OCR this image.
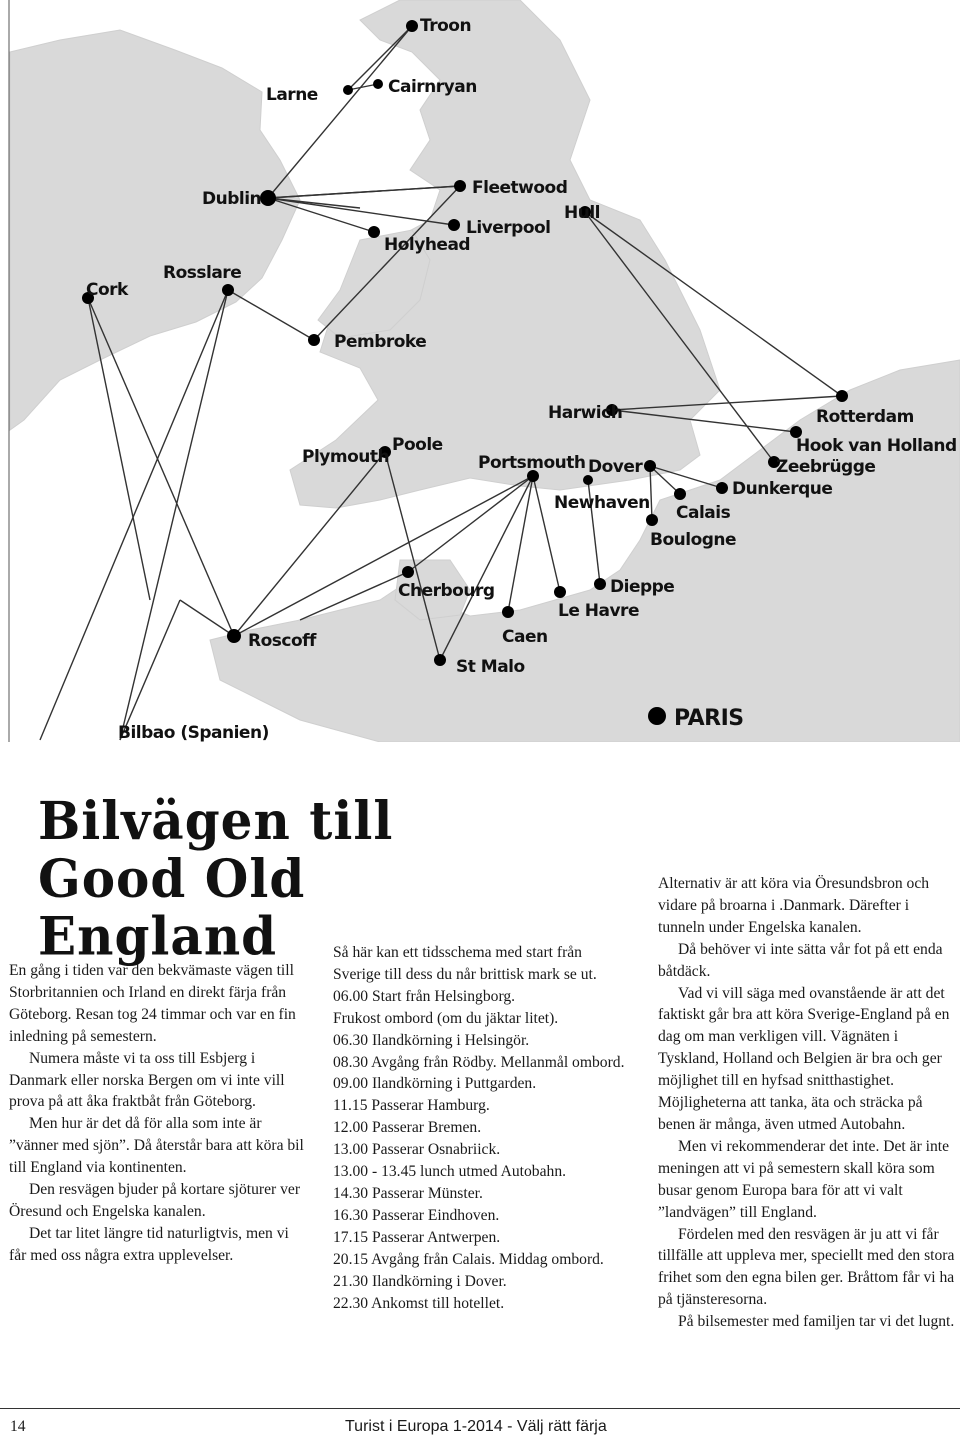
Troon
Larne	Cairnryan
Dublin
Fleetwood
Hull
Liverpool
Holyhead
Rosslare
Cork
Pembroke
Harwich	Rotterdam
Hook van Holland
Zeebrügge
Dunkerque
Plymouth
Poole
Portsmouth Dover
Newhaven Calais
Boulogne
Cherbourg	Dieppe
Le Havre
Caen
Roscoff
St Malo
Bilbao (Spanien)
PARIS
Bilvägen till
Good Old
England

En gång i tiden var den bekvämaste vägen till Storbritannien och Irland en direkt färja från Göteborg. Resan tog 24 timmar och var en fin inledning på semestern.

Numera måste vi ta oss till Esbjerg i Danmark eller norska Bergen om vi inte vill prova på att åka fraktbåt från Göteborg.

Men hur är det då för alla som inte är ”vänner med sjön”. Då återstår bara att köra bil till England via kontinenten.

Den resvägen bjuder på kortare sjöturer ver Öresund och Engelska kanalen.

Det tar litet längre tid naturligtvis, men vi får med oss några extra upplevelser.

Så här kan ett tidsschema med start från Sverige till dess du når brittisk mark se ut. 06.00 Start från Helsingborg.

Frukost ombord (om du jäktar litet).

06.30 Ilandkörning i Helsingör.

08.30 Avgång från Rödby. Mellanmål ombord.

09.00 Ilandkörning i Puttgarden.

11.15 Passerar Hamburg.

12.00 Passerar Bremen.

13.00 Passerar Osnabriick.

13.00 - 13.45 lunch utmed Autobahn.

14.30 Passerar Münster.

16.30 Passerar Eindhoven.

17.15 Passerar Antwerpen.

20.15 Avgång från Calais. Middag ombord.

21.30 Ilandkörning i Dover.

22.30 Ankomst till hotellet.

Alternativ är att köra via Öresundsbron och vidare på broarna i .Danmark. Därefter i tunneln under Engelska kanalen.

Då behöver vi inte sätta vår fot på ett enda båtdäck.

Vad vi vill säga med ovanstående är att det faktiskt går bra att köra Sverige-England på en dag om man verkligen vill. Vägnäten i Tyskland, Holland och Belgien är bra och ger möjlighet till en hyfsad snitthastighet. Möjligheterna att tanka, äta och sträcka på benen är många, även utmed Autobahn.

Men vi rekommenderar det inte. Det är inte meningen att vi på semestern skall köra som busar genom Europa bara för att vi valt ”landvägen” till England.

Fördelen med den resvägen är ju att vi får tillfälle att uppleva mer, speciellt med den stora frihet som den egna bilen ger. Bråttom får vi ha på tjänsteresorna.

På bilsemester med familjen tar vi det lugnt.

14	Turist i Europa 1-2014 - Välj rätt färja
